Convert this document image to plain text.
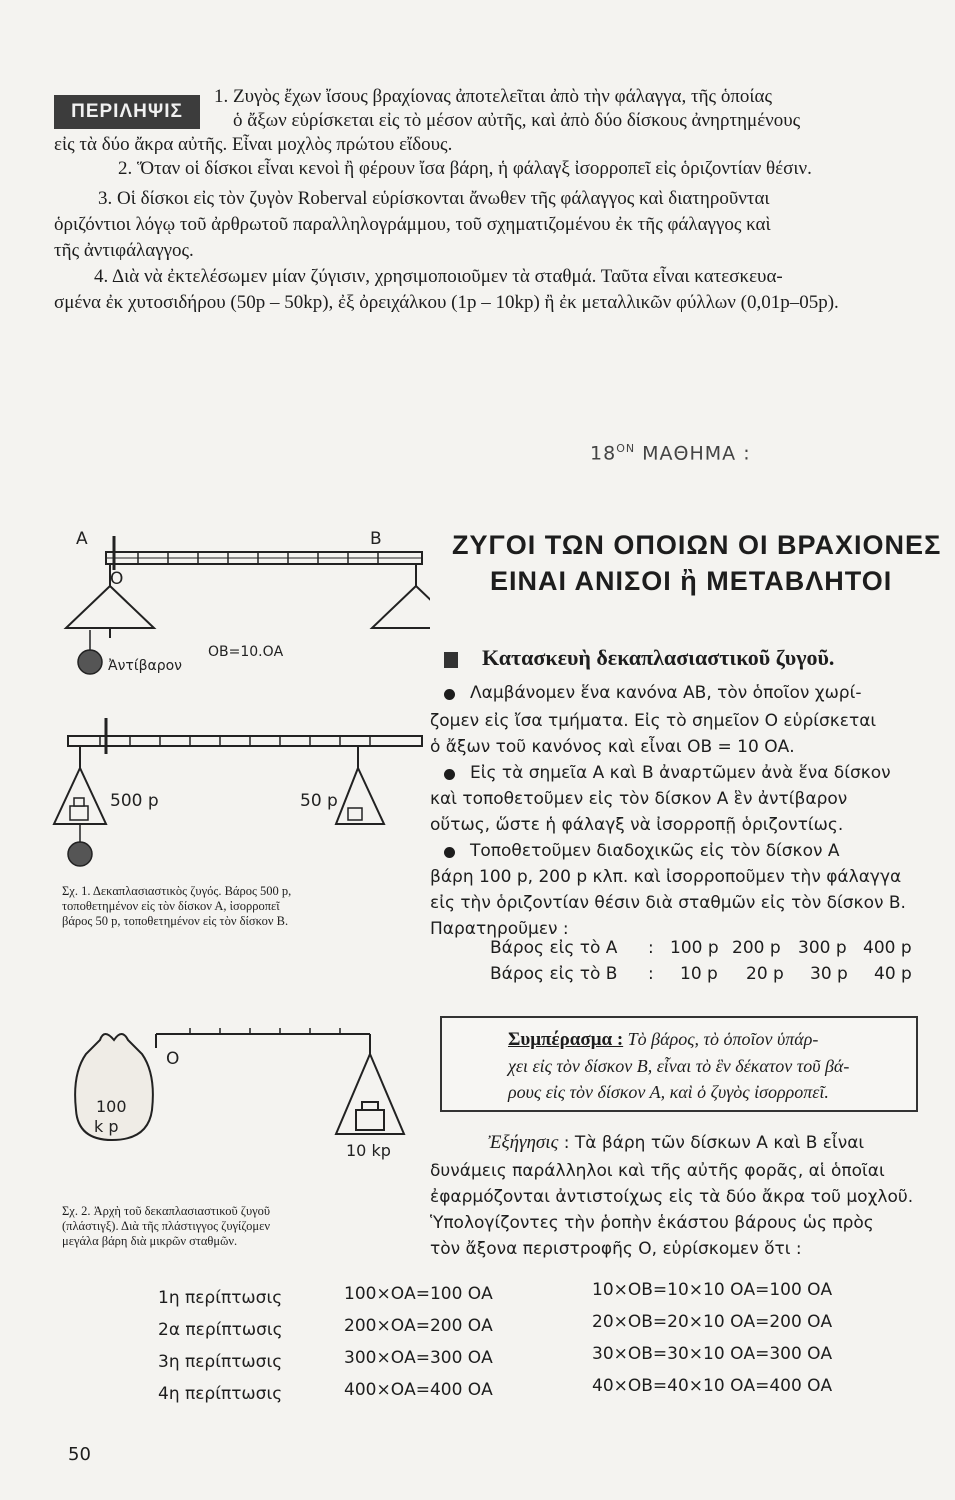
ΠΕΡΙΛΗΨΙΣ
1. Ζυγὸς ἔχων ἴσους βραχίονας ἀποτελεῖται ἀπὸ τὴν φάλαγγα, τῆς ὁποίας
ὁ ἄξων εὑρίσκεται εἰς τὸ μέσον αὐτῆς, καὶ ἀπὸ δύο δίσκους ἀνηρτημένους
εἰς τὰ δύο ἄκρα αὐτῆς. Εἶναι μοχλὸς πρώτου εἴδους.
2. Ὅταν οἱ δίσκοι εἶναι κενοὶ ἢ φέρουν ἴσα βάρη, ἡ φάλαγξ ἰσορροπεῖ εἰς ὁριζοντίαν θέσιν.
3. Οἱ δίσκοι εἰς τὸν ζυγὸν Roberval εὑρίσκονται ἄνωθεν τῆς φάλαγγος καὶ διατηροῦνται
ὁριζόντιοι λόγῳ τοῦ ἀρθρωτοῦ παραλληλογράμμου, τοῦ σχηματιζομένου ἐκ τῆς φάλαγγος καὶ
τῆς ἀντιφάλαγγος.
4. Διὰ νὰ ἐκτελέσωμεν μίαν ζύγισιν, χρησιμοποιοῦμεν τὰ σταθμά. Ταῦτα εἶναι κατεσκευα-
σμένα ἐκ χυτοσιδήρου (50p – 50kp), ἐξ ὀρειχάλκου (1p – 10kp) ἢ ἐκ μεταλλικῶν φύλλων (0,01p–05p).
$18^{ON}$ ΜΑΘΗΜΑ :
ΖΥΓΟΙ ΤΩΝ ΟΠΟΙΩΝ ΟΙ ΒΡΑΧΙΟΝΕΣ
ΕΙΝΑΙ ΑΝΙΣΟΙ ἢ ΜΕΤΑΒΛΗΤΟΙ
Κατασκευὴ δεκαπλασιαστικοῦ ζυγοῦ.
Λαμβάνομεν ἕνα κανόνα ΑΒ, τὸν ὁποῖον χωρί-
ζομεν εἰς ἴσα τμήματα. Εἰς τὸ σημεῖον Ο εὑρίσκεται
ὁ ἄξων τοῦ κανόνος καὶ εἶναι ΟΒ = 10 ΟΑ.
Εἰς τὰ σημεῖα Α καὶ Β ἀναρτῶμεν ἀνὰ ἕνα δίσκον
καὶ τοποθετοῦμεν εἰς τὸν δίσκον Α ἓν ἀντίβαρον
οὕτως, ὥστε ἡ φάλαγξ νὰ ἰσορροπῇ ὁριζοντίως.
Τοποθετοῦμεν διαδοχικῶς εἰς τὸν δίσκον Α
βάρη 100 p, 200 p κλπ. καὶ ἰσορροποῦμεν τὴν φάλαγγα
εἰς τὴν ὁριζοντίαν θέσιν διὰ σταθμῶν εἰς τὸν δίσκον Β.
Παρατηροῦμεν :
Βάρος εἰς τὸ Α : 100 p 200 p 300 p 400 p
Βάρος εἰς τὸ Β : 10 p 20 p 30 p 40 p
Συμπέρασμα : Τὸ βάρος, τὸ ὁποῖον ὑπάρ-
χει εἰς τὸν δίσκον Β, εἶναι τὸ ἓν δέκατον τοῦ βά-
ρους εἰς τὸν δίσκον Α, καὶ ὁ ζυγὸς ἰσορροπεῖ.
Ἐξήγησις : Τὰ βάρη τῶν δίσκων Α καὶ Β εἶναι
δυνάμεις παράλληλοι καὶ τῆς αὐτῆς φορᾶς, αἱ ὁποῖαι
ἐφαρμόζονται ἀντιστοίχως εἰς τὰ δύο ἄκρα τοῦ μοχλοῦ.
Ὑπολογίζοντες τὴν ῥοπὴν ἑκάστου βάρους ὡς πρὸς
τὸν ἄξονα περιστροφῆς Ο, εὑρίσκομεν ὅτι :
1η περίπτωσις	100×ΟΑ=100 ΟΑ	10×ΟΒ=10×10 ΟΑ=100 ΟΑ
2α περίπτωσις	200×ΟΑ=200 ΟΑ	20×ΟΒ=20×10 ΟΑ=200 ΟΑ
3η περίπτωσις	300×ΟΑ=300 ΟΑ	30×ΟΒ=30×10 ΟΑ=300 ΟΑ
4η περίπτωσις	400×ΟΑ=400 ΟΑ	40×ΟΒ=40×10 ΟΑ=400 ΟΑ
50
Α	Β
Ο
ΟΒ=10.ΟΑ
Ἀντίβαρον
500 p	50 p
Σχ. 1. Δεκαπλασιαστικὸς ζυγός. Βάρος 500 p,
τοποθετημένον εἰς τὸν δίσκον Α, ἰσορροπεῖ
βάρος 50 p, τοποθετημένον εἰς τὸν δίσκον Β.
Ο
100
k p
10 kp
Σχ. 2. Ἀρχὴ τοῦ δεκαπλασιαστικοῦ ζυγοῦ
(πλάστιγξ). Διὰ τῆς πλάστιγγος ζυγίζομεν
μεγάλα βάρη διὰ μικρῶν σταθμῶν.
